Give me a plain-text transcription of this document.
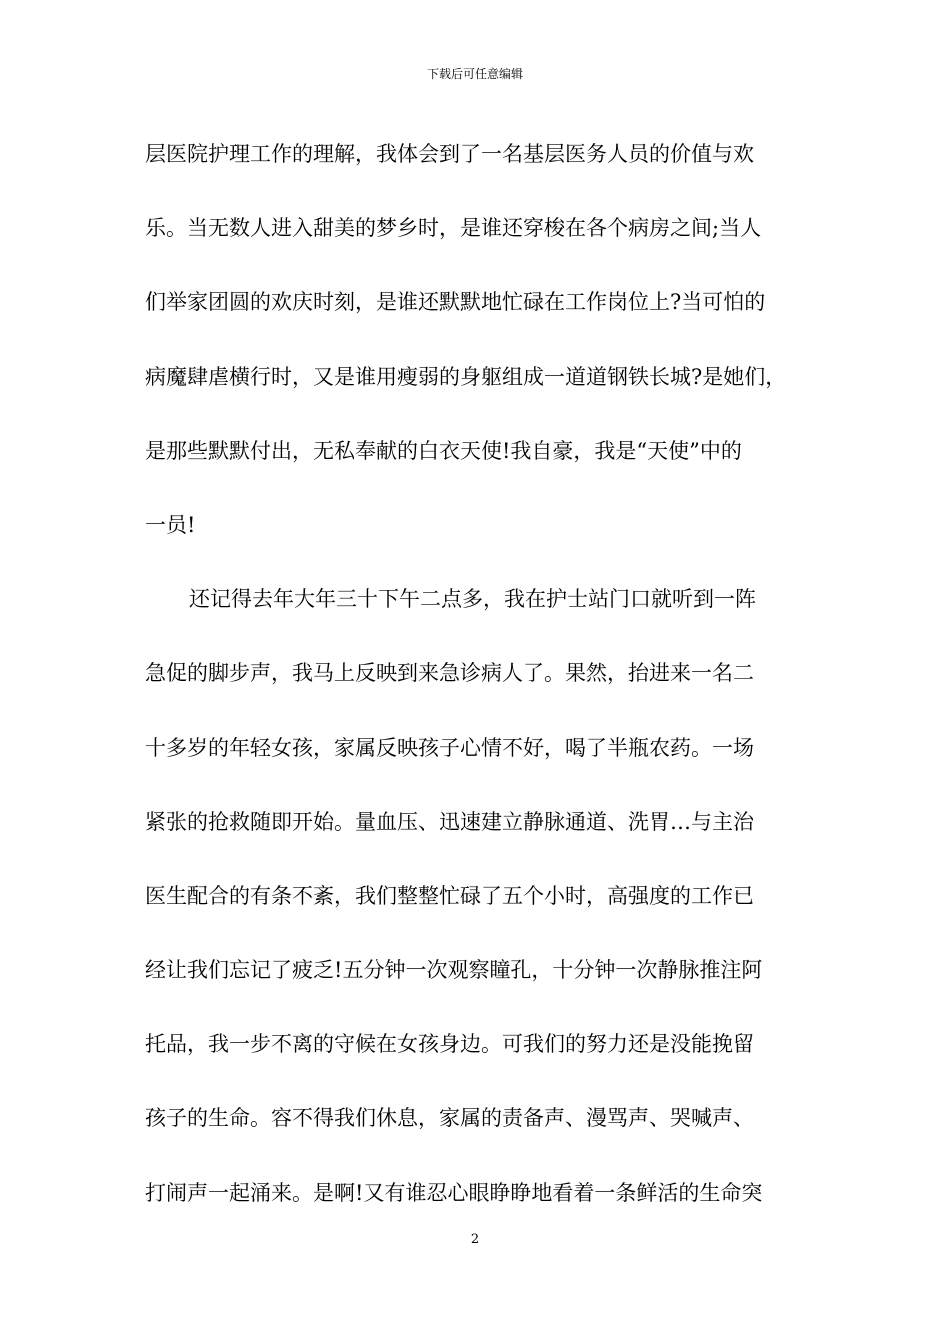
下载后可任意编辑
层医院护理工作的理解，我体会到了一名基层医务人员的价值与欢
乐。当无数人进入甜美的梦乡时，是谁还穿梭在各个病房之间;当人
们举家团圆的欢庆时刻，是谁还默默地忙碌在工作岗位上?当可怕的
病魔肆虐横行时，又是谁用瘦弱的身躯组成一道道钢铁长城?是她们，
是那些默默付出，无私奉献的白衣天使!我自豪，我是“天使”中的
一员!
还记得去年大年三十下午二点多，我在护士站门口就听到一阵
急促的脚步声，我马上反映到来急诊病人了。果然，抬进来一名二
十多岁的年轻女孩，家属反映孩子心情不好，喝了半瓶农药。一场
紧张的抢救随即开始。量血压、迅速建立静脉通道、洗胃…与主治
医生配合的有条不紊，我们整整忙碌了五个小时，高强度的工作已
经让我们忘记了疲乏!五分钟一次观察瞳孔，十分钟一次静脉推注阿
托品，我一步不离的守候在女孩身边。可我们的努力还是没能挽留
孩子的生命。容不得我们休息，家属的责备声、漫骂声、哭喊声、
打闹声一起涌来。是啊!又有谁忍心眼睁睁地看着一条鲜活的生命突
2
